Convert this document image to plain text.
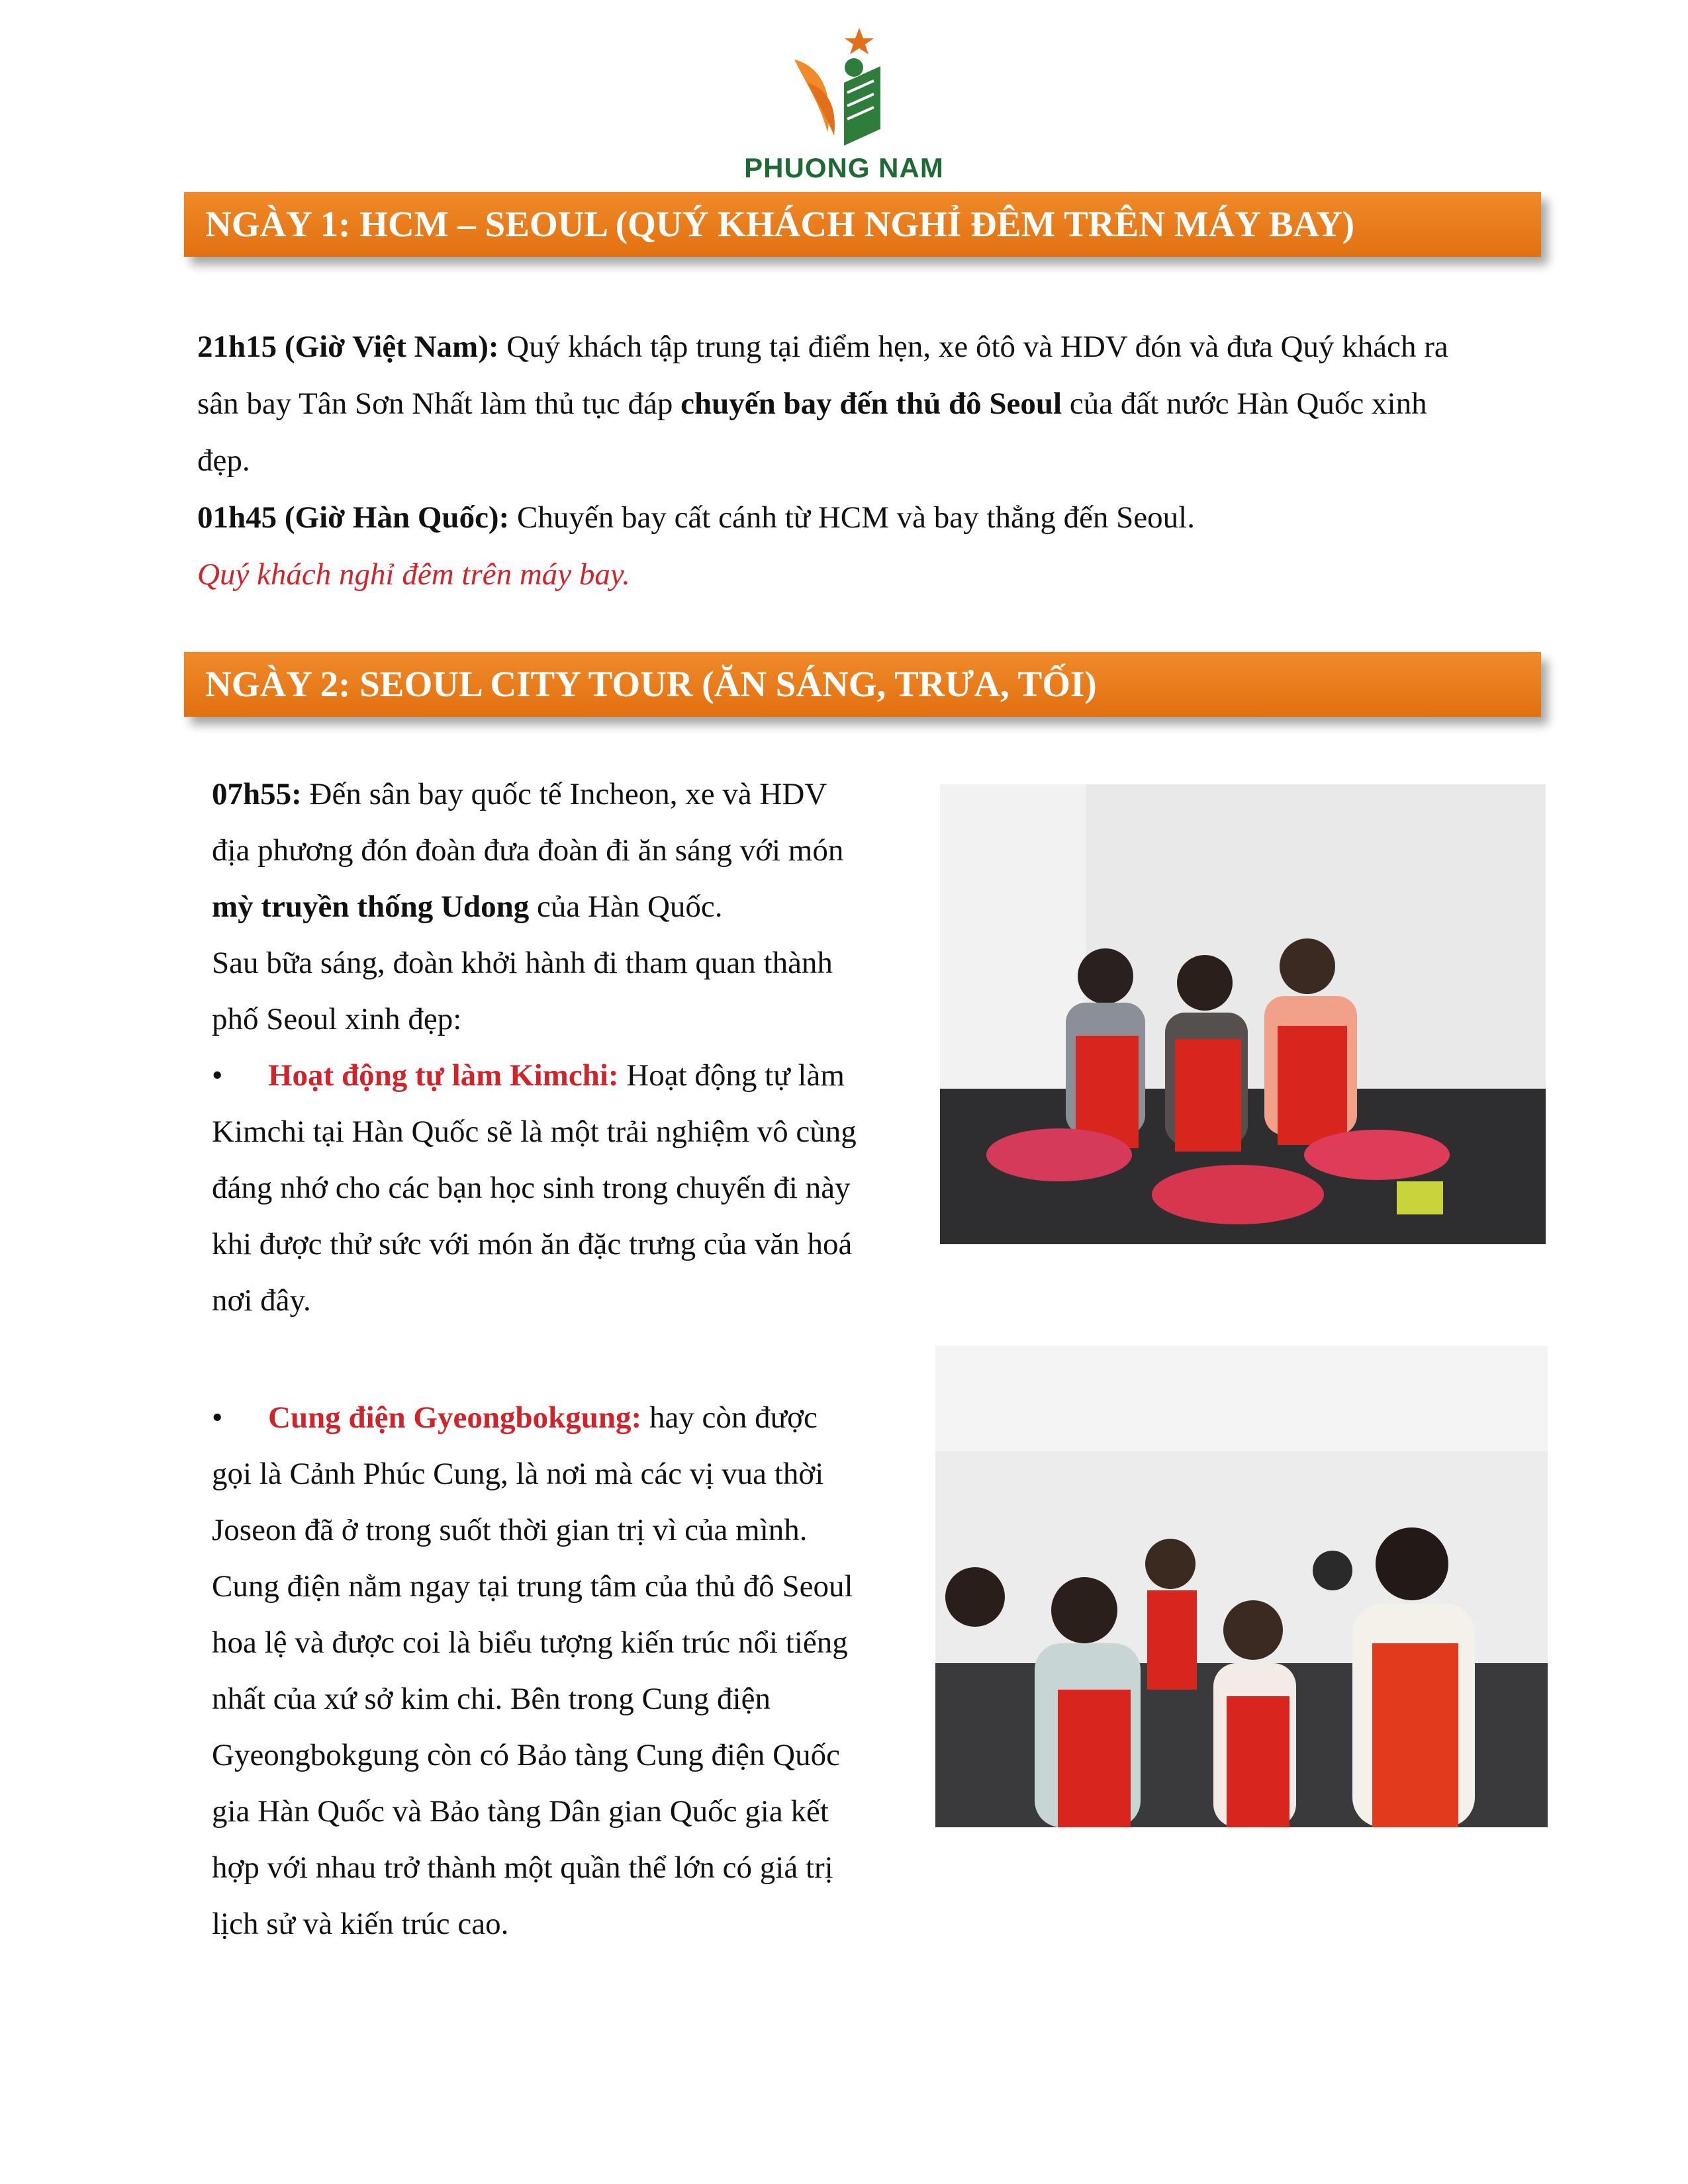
PHUONG NAM
NGÀY 1: HCM – SEOUL (QUÝ KHÁCH NGHỈ ĐÊM TRÊN MÁY BAY)
21h15 (Giờ Việt Nam): Quý khách tập trung tại điểm hẹn, xe ôtô và HDV đón và đưa Quý khách ra
sân bay Tân Sơn Nhất làm thủ tục đáp chuyến bay đến thủ đô Seoul của đất nước Hàn Quốc xinh
đẹp.
01h45 (Giờ Hàn Quốc): Chuyến bay cất cánh từ HCM và bay thẳng đến Seoul.
Quý khách nghỉ đêm trên máy bay.
NGÀY 2: SEOUL CITY TOUR (ĂN SÁNG, TRƯA, TỐI)
07h55: Đến sân bay quốc tế Incheon, xe và HDV
địa phương đón đoàn đưa đoàn đi ăn sáng với món
mỳ truyền thống Udong của Hàn Quốc.
Sau bữa sáng, đoàn khởi hành đi tham quan thành
phố Seoul xinh đẹp:
• Hoạt động tự làm Kimchi: Hoạt động tự làm
Kimchi tại Hàn Quốc sẽ là một trải nghiệm vô cùng
đáng nhớ cho các bạn học sinh trong chuyến đi này
khi được thử sức với món ăn đặc trưng của văn hoá
nơi đây.
• Cung điện Gyeongbokgung: hay còn được
gọi là Cảnh Phúc Cung, là nơi mà các vị vua thời
Joseon đã ở trong suốt thời gian trị vì của mình.
Cung điện nằm ngay tại trung tâm của thủ đô Seoul
hoa lệ và được coi là biểu tượng kiến trúc nổi tiếng
nhất của xứ sở kim chi. Bên trong Cung điện
Gyeongbokgung còn có Bảo tàng Cung điện Quốc
gia Hàn Quốc và Bảo tàng Dân gian Quốc gia kết
hợp với nhau trở thành một quần thể lớn có giá trị
lịch sử và kiến trúc cao.
